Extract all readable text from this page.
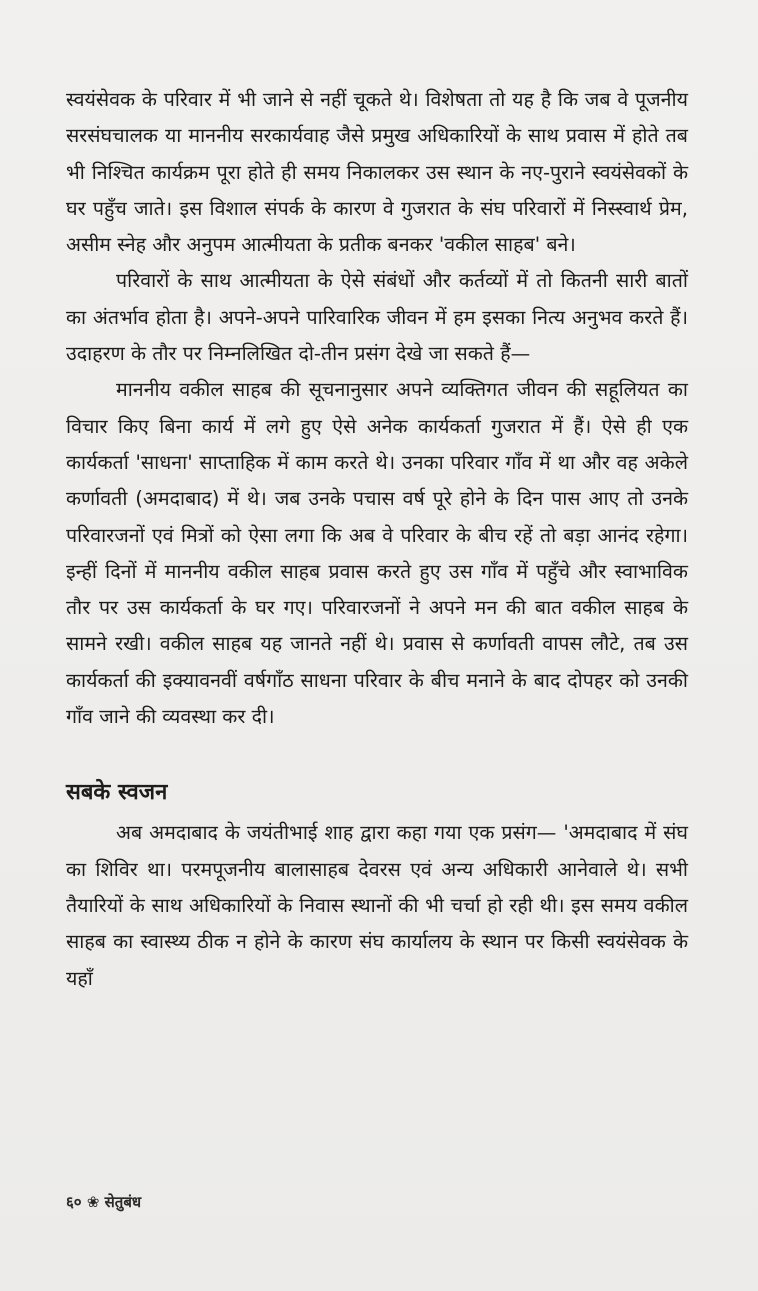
स्वयंसेवक के परिवार में भी जाने से नहीं चूकते थे। विशेषता तो यह है कि जब वे पूजनीय सरसंघचालक या माननीय सरकार्यवाह जैसे प्रमुख अधिकारियों के साथ प्रवास में होते तब भी निश्चित कार्यक्रम पूरा होते ही समय निकालकर उस स्थान के नए-पुराने स्वयंसेवकों के घर पहुँच जाते। इस विशाल संपर्क के कारण वे गुजरात के संघ परिवारों में निस्स्वार्थ प्रेम, असीम स्नेह और अनुपम आत्मीयता के प्रतीक बनकर 'वकील साहब' बने।

परिवारों के साथ आत्मीयता के ऐसे संबंधों और कर्तव्यों में तो कितनी सारी बातों का अंतर्भाव होता है। अपने-अपने पारिवारिक जीवन में हम इसका नित्य अनुभव करते हैं। उदाहरण के तौर पर निम्नलिखित दो-तीन प्रसंग देखे जा सकते हैं—

माननीय वकील साहब की सूचनानुसार अपने व्यक्तिगत जीवन की सहूलियत का विचार किए बिना कार्य में लगे हुए ऐसे अनेक कार्यकर्ता गुजरात में हैं। ऐसे ही एक कार्यकर्ता 'साधना' साप्ताहिक में काम करते थे। उनका परिवार गाँव में था और वह अकेले कर्णावती (अमदाबाद) में थे। जब उनके पचास वर्ष पूरे होने के दिन पास आए तो उनके परिवारजनों एवं मित्रों को ऐसा लगा कि अब वे परिवार के बीच रहें तो बड़ा आनंद रहेगा। इन्हीं दिनों में माननीय वकील साहब प्रवास करते हुए उस गाँव में पहुँचे और स्वाभाविक तौर पर उस कार्यकर्ता के घर गए। परिवारजनों ने अपने मन की बात वकील साहब के सामने रखी। वकील साहब यह जानते नहीं थे। प्रवास से कर्णावती वापस लौटे, तब उस कार्यकर्ता की इक्यावनवीं वर्षगाँठ साधना परिवार के बीच मनाने के बाद दोपहर को उनकी गाँव जाने की व्यवस्था कर दी।

सबके स्वजन

अब अमदाबाद के जयंतीभाई शाह द्वारा कहा गया एक प्रसंग— 'अमदाबाद में संघ का शिविर था। परमपूजनीय बालासाहब देवरस एवं अन्य अधिकारी आनेवाले थे। सभी तैयारियों के साथ अधिकारियों के निवास स्थानों की भी चर्चा हो रही थी। इस समय वकील साहब का स्वास्थ्य ठीक न होने के कारण संघ कार्यालय के स्थान पर किसी स्वयंसेवक के यहाँ

६० ❀ सेतुबंध
